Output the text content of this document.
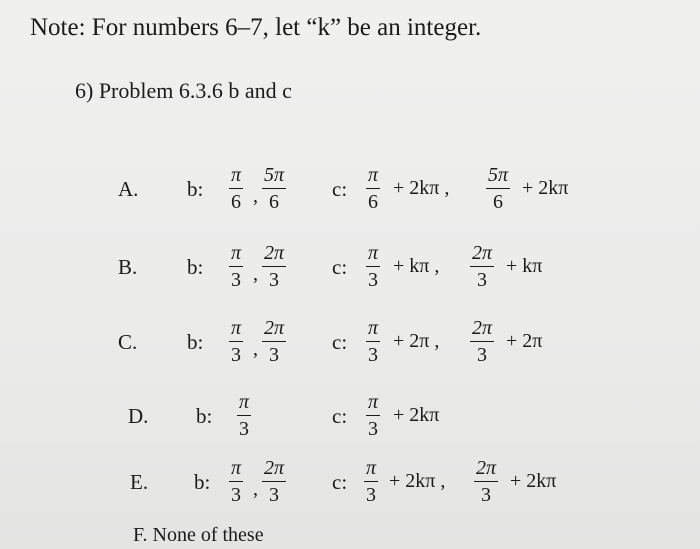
Note: For numbers 6–7, let “k” be an integer.
6) Problem 6.3.6 b and c
A. b:
π
6 ,
5π
6
c:
π
6
+ 2kπ ,
5π
6
+ 2kπ
B. b:
π
3 ,
2π
3
c:
π
3
+ kπ ,
2π
3
+ kπ
C. b:
π
3 ,
2π
3
c:
π
3
+ 2π ,
2π
3
+ 2π
D. b:
π
3
c:
π
3
+ 2kπ
E. b:
π
3 ,
2π
3
c:
π
3
+ 2kπ ,
2π
3
+ 2kπ
F. None of these
